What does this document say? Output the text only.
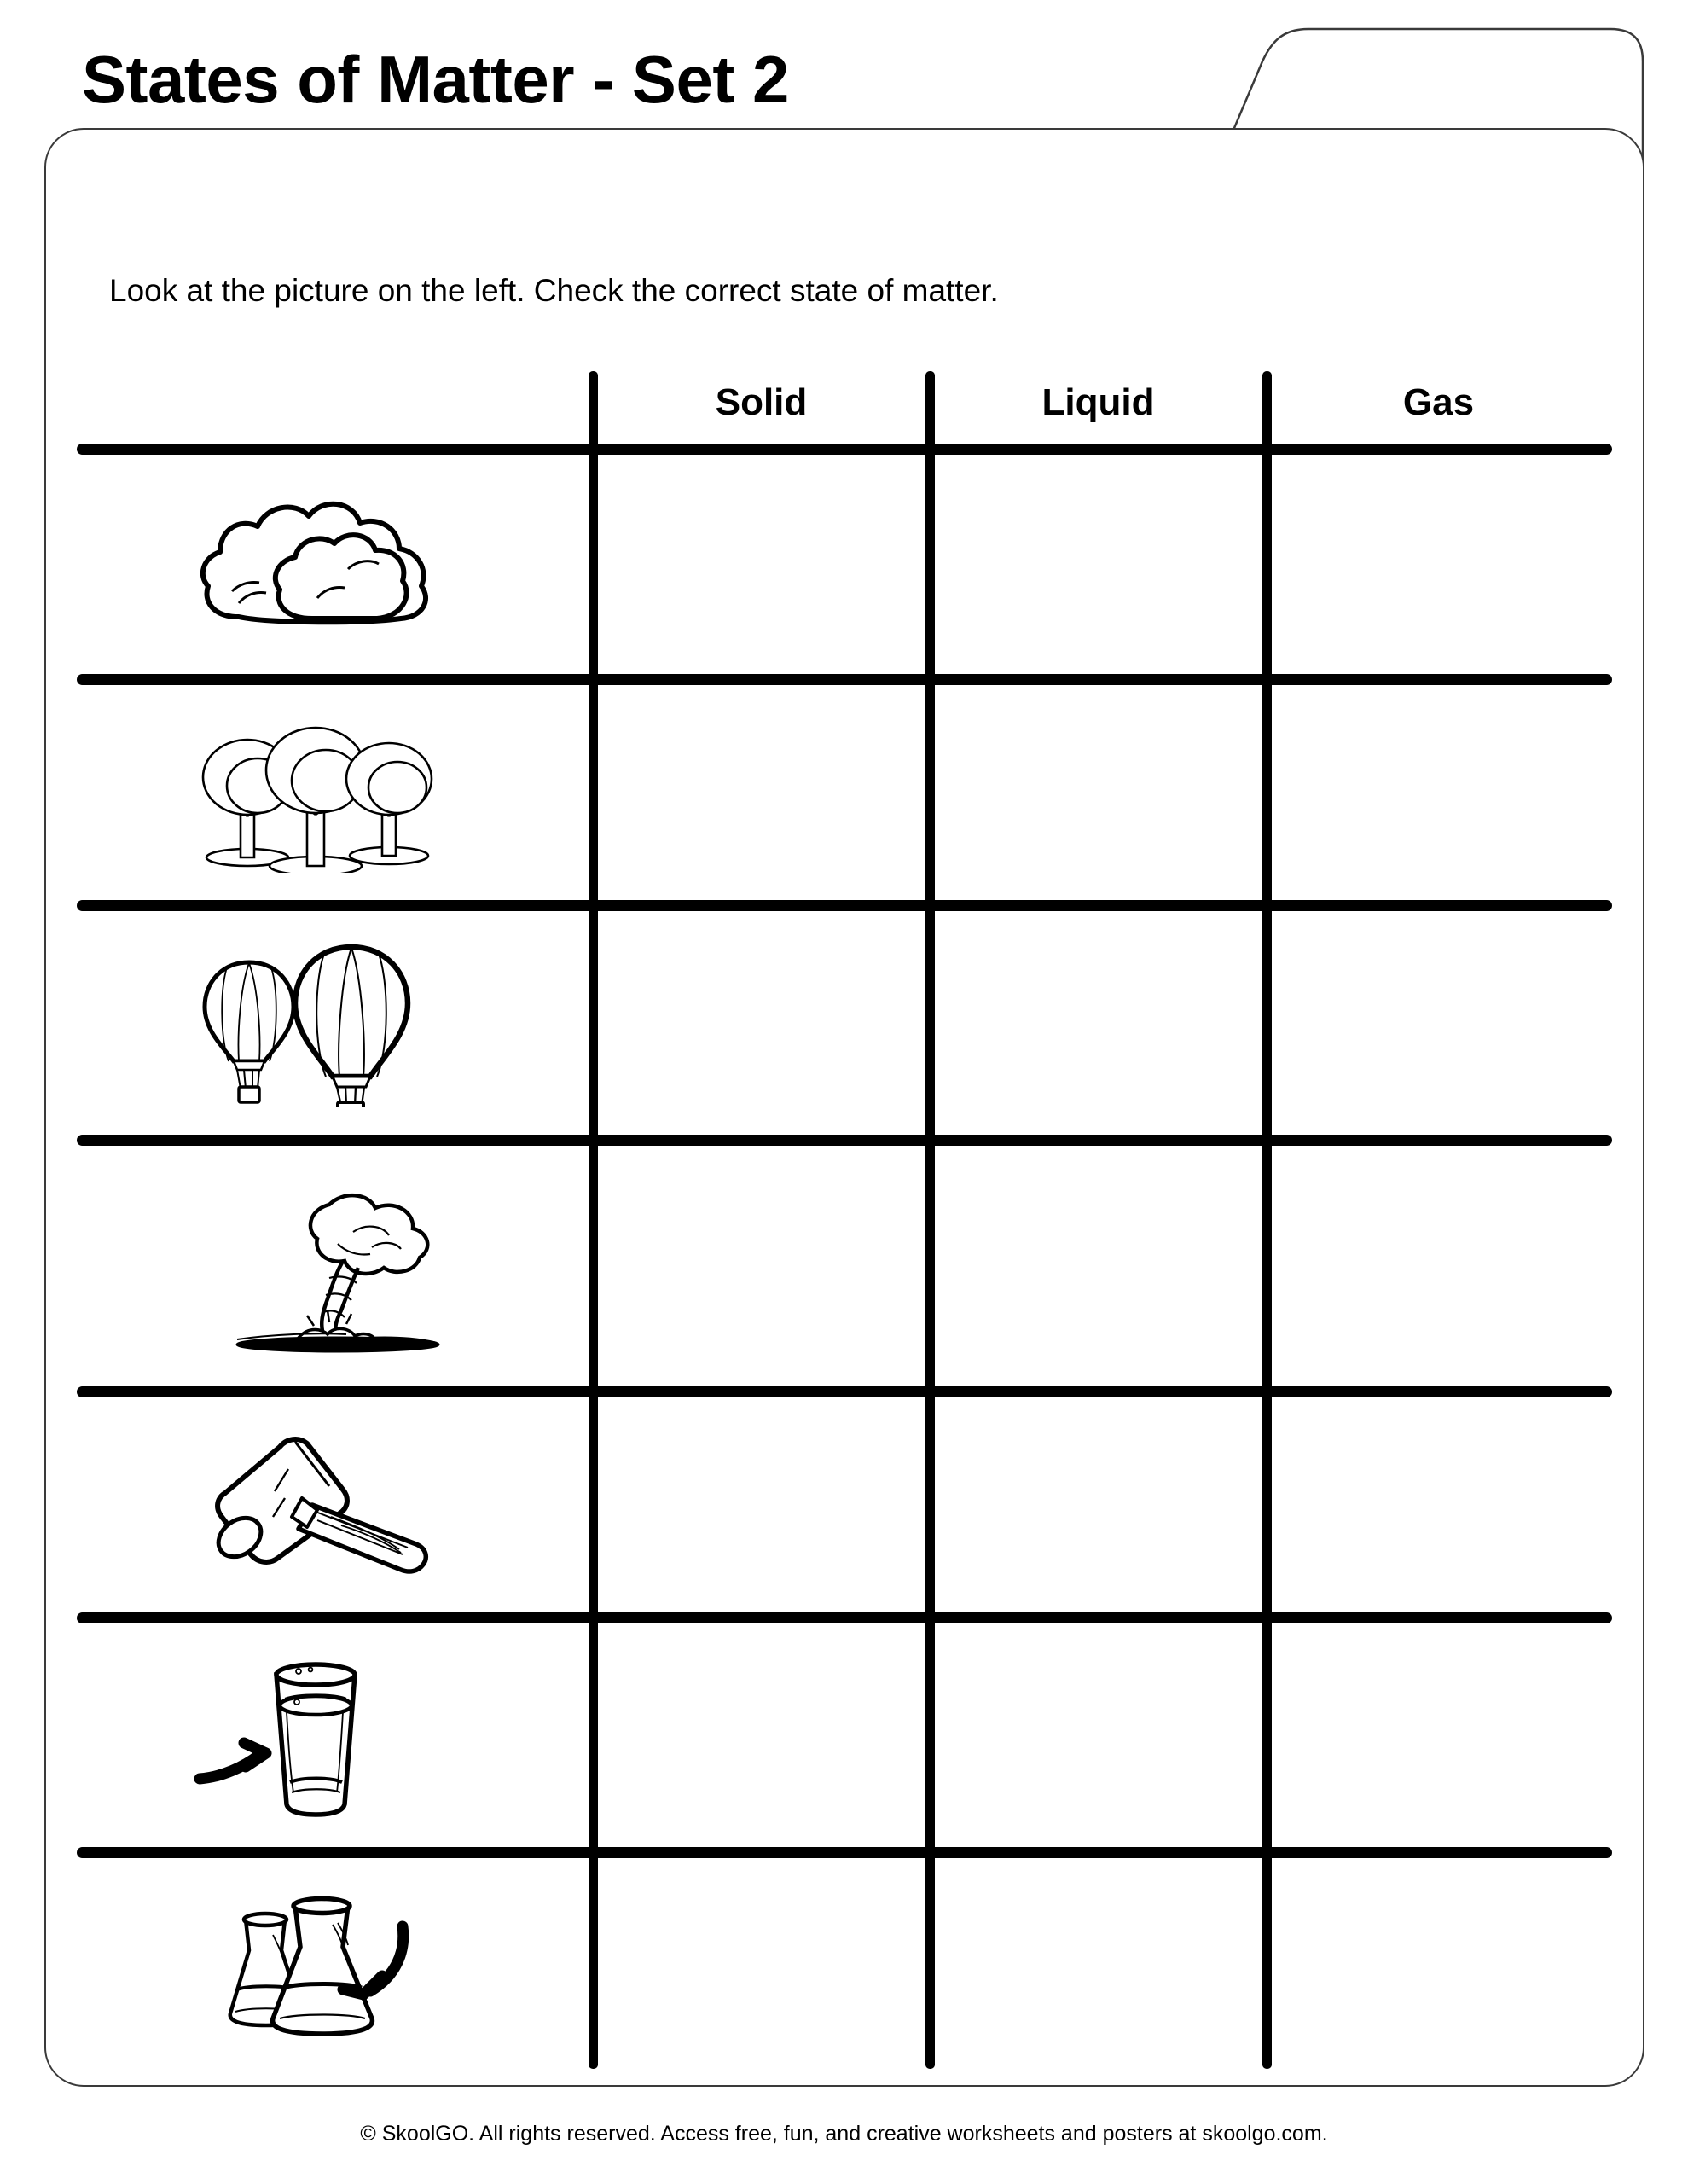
States of Matter - Set 2
Look at the picture on the left. Check the correct state of matter.
Solid	Liquid	Gas
© SkoolGO. All rights reserved. Access free, fun, and creative worksheets and posters at skoolgo.com.
